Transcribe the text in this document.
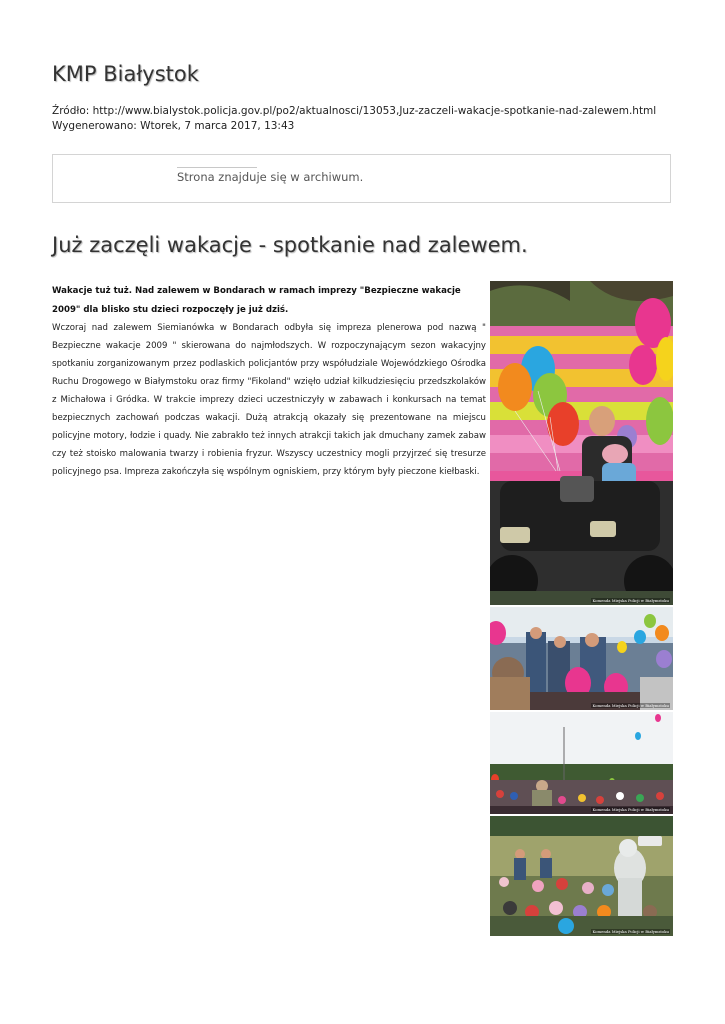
KMP Białystok
Źródło: http://www.bialystok.policja.gov.pl/po2/aktualnosci/13053,Juz-zaczeli-wakacje-spotkanie-nad-zalewem.html
Wygenerowano: Wtorek, 7 marca 2017, 13:43
Strona znajduje się w archiwum.
Już zaczęli wakacje - spotkanie nad zalewem.

Wakacje tuż tuż. Nad zalewem w Bondarach w ramach imprezy "Bezpieczne wakacje 2009" dla blisko stu dzieci rozpoczęły je już dziś.

Wczoraj nad zalewem Siemianówka w Bondarach odbyła się impreza plenerowa pod nazwą " Bezpieczne wakacje 2009 " skierowana do najmłodszych. W rozpoczynającym sezon wakacyjny spotkaniu zorganizowanym przez podlaskich policjantów przy współudziale Wojewódzkiego Ośrodka Ruchu Drogowego w Białymstoku oraz firmy "Fikoland" wzięło udział kilkudziesięciu przedszkolaków z Michałowa i Gródka. W trakcie imprezy dzieci uczestniczyły w zabawach i konkursach na temat bezpiecznych zachowań podczas wakacji. Dużą atrakcją okazały się prezentowane na miejscu policyjne motory, łodzie i quady. Nie zabrakło też innych atrakcji takich jak dmuchany zamek zabaw czy też stoisko malowania twarzy i robienia fryzur. Wszyscy uczestnicy mogli przyjrzeć się tresurze policyjnego psa. Impreza zakończyła się wspólnym ogniskiem, przy którym były pieczone kiełbaski.

Komenda Miejska Policji w Białymstoku
Komenda Miejska Policji w Białymstoku
Komenda Miejska Policji w Białymstoku
Komenda Miejska Policji w Białymstoku
